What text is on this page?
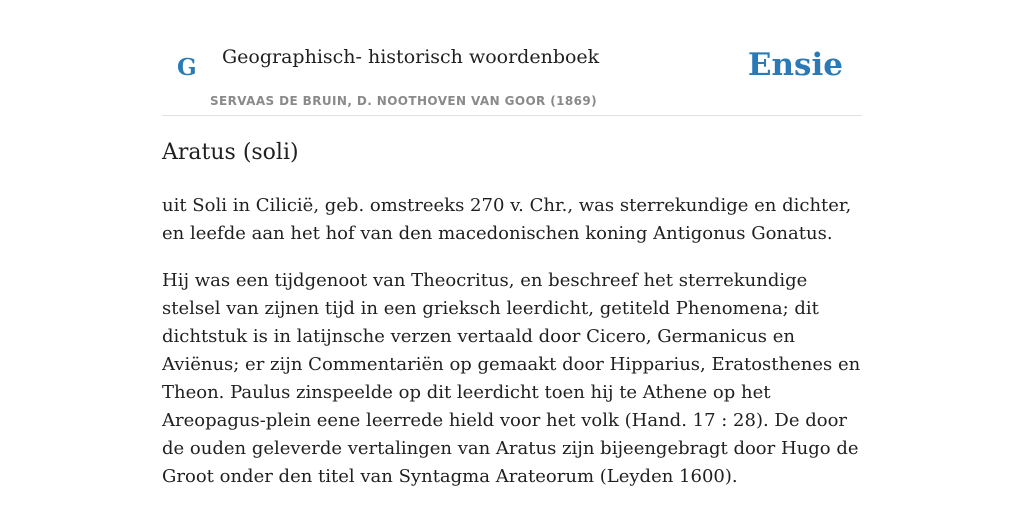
G Geographisch- historisch woordenboek
SERVAAS DE BRUIN, D. NOOTHOVEN VAN GOOR (1869)
Ensie
Aratus (soli)

uit Soli in Cilicië, geb. omstreeks 270 v. Chr., was sterrekundige en dichter, en leefde aan het hof van den macedonischen koning Antigonus Gonatus.

Hij was een tijdgenoot van Theocritus, en beschreef het sterrekundige stelsel van zijnen tijd in een grieksch leerdicht, getiteld Phenomena; dit dichtstuk is in latijnsche verzen vertaald door Cicero, Germanicus en Aviënus; er zijn Commentariën op gemaakt door Hipparius, Eratosthenes en Theon. Paulus zinspeelde op dit leerdicht toen hij te Athene op het Areopagus-plein eene leerrede hield voor het volk (Hand. 17 : 28). De door de ouden geleverde vertalingen van Aratus zijn bijeengebragt door Hugo de Groot onder den titel van Syntagma Arateorum (Leyden 1600).
